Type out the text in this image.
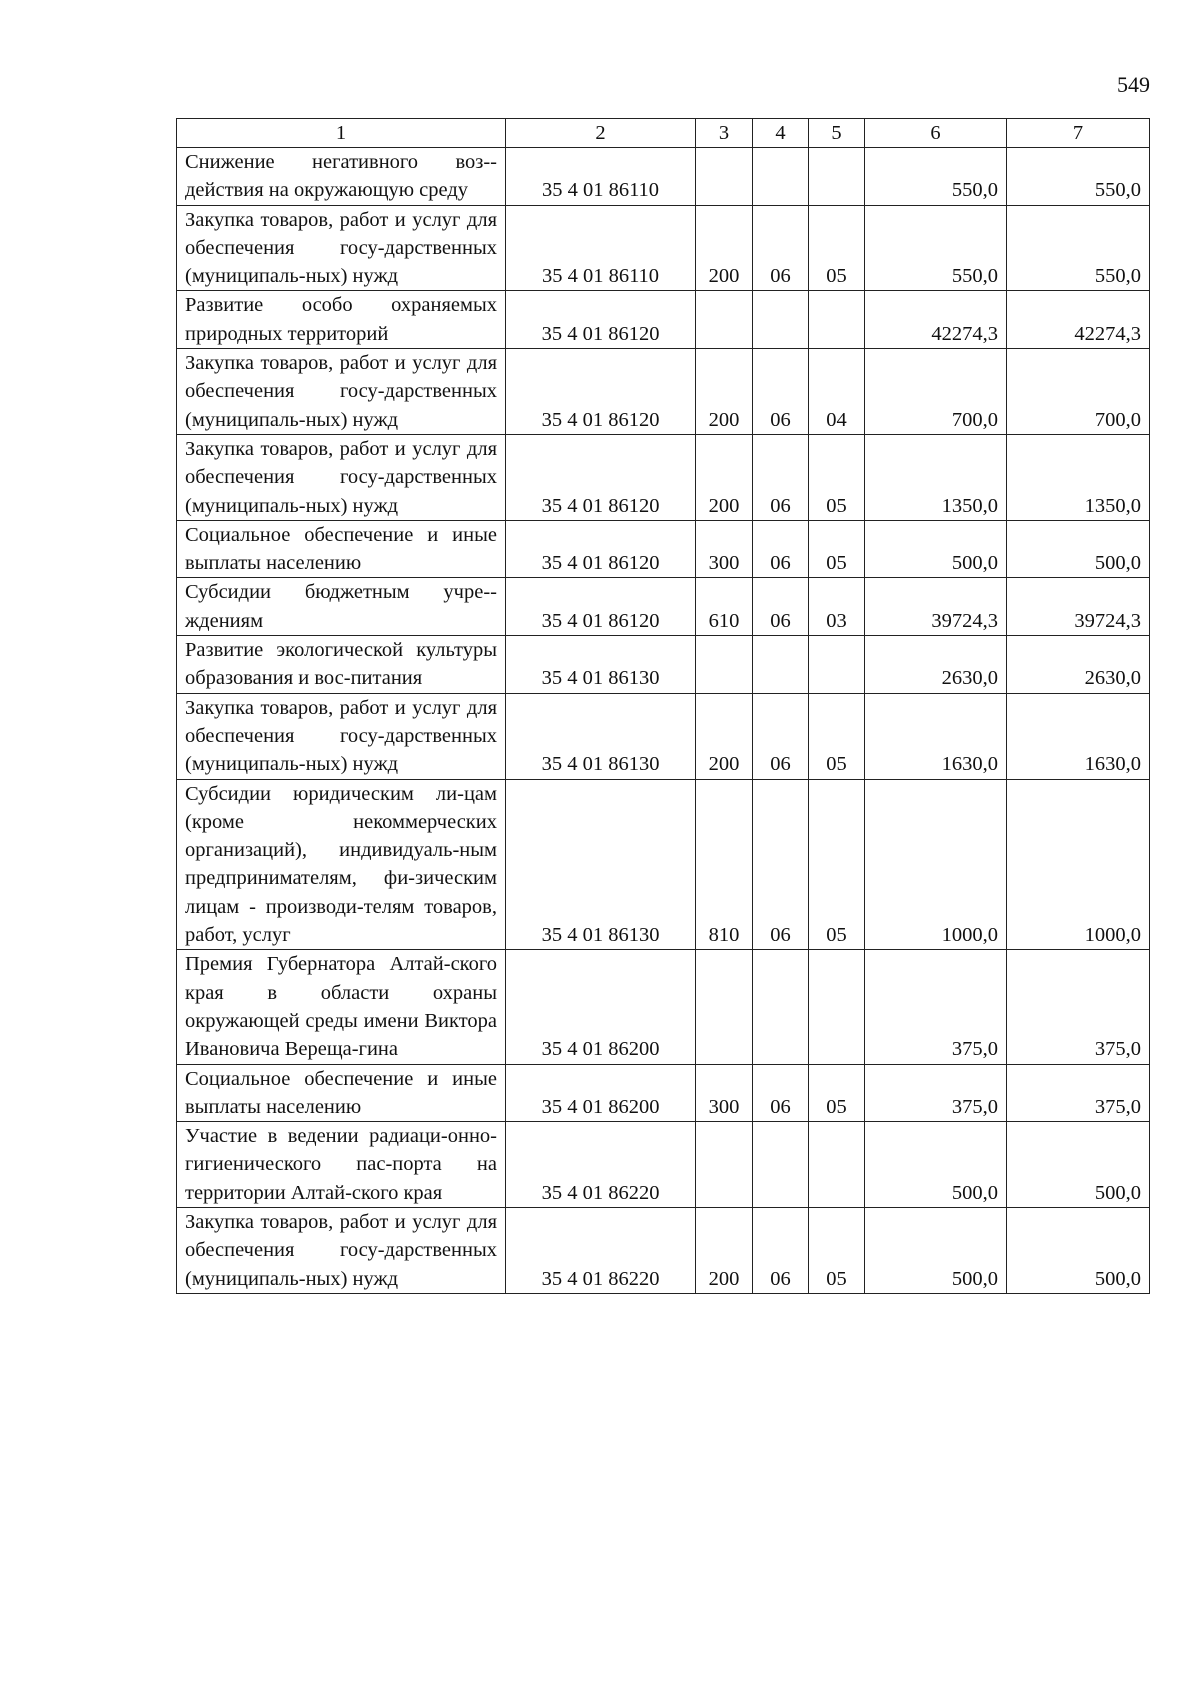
549
1	2	3	4	5	6	7
Снижение негативного воз-действия на окружающую среду	35 4 01 86110				550,0	550,0
Закупка товаров, работ и услуг для обеспечения госу-дарственных (муниципаль-ных) нужд	35 4 01 86110	200	06	05	550,0	550,0
Развитие особо охраняемых природных территорий	35 4 01 86120				42274,3	42274,3
Закупка товаров, работ и услуг для обеспечения госу-дарственных (муниципаль-ных) нужд	35 4 01 86120	200	06	04	700,0	700,0
Закупка товаров, работ и услуг для обеспечения госу-дарственных (муниципаль-ных) нужд	35 4 01 86120	200	06	05	1350,0	1350,0
Социальное обеспечение и иные выплаты населению	35 4 01 86120	300	06	05	500,0	500,0
Субсидии бюджетным учре-ждениям	35 4 01 86120	610	06	03	39724,3	39724,3
Развитие экологической культуры образования и вос-питания	35 4 01 86130				2630,0	2630,0
Закупка товаров, работ и услуг для обеспечения госу-дарственных (муниципаль-ных) нужд	35 4 01 86130	200	06	05	1630,0	1630,0
Субсидии юридическим ли-цам (кроме некоммерческих организаций), индивидуаль-ным предпринимателям, фи-зическим лицам - производи-телям товаров, работ, услуг	35 4 01 86130	810	06	05	1000,0	1000,0
Премия Губернатора Алтай-ского края в области охраны окружающей среды имени Виктора Ивановича Вереща-гина	35 4 01 86200				375,0	375,0
Социальное обеспечение и иные выплаты населению	35 4 01 86200	300	06	05	375,0	375,0
Участие в ведении радиаци-онно-гигиенического пас-порта на территории Алтай-ского края	35 4 01 86220				500,0	500,0
Закупка товаров, работ и услуг для обеспечения госу-дарственных (муниципаль-ных) нужд	35 4 01 86220	200	06	05	500,0	500,0
